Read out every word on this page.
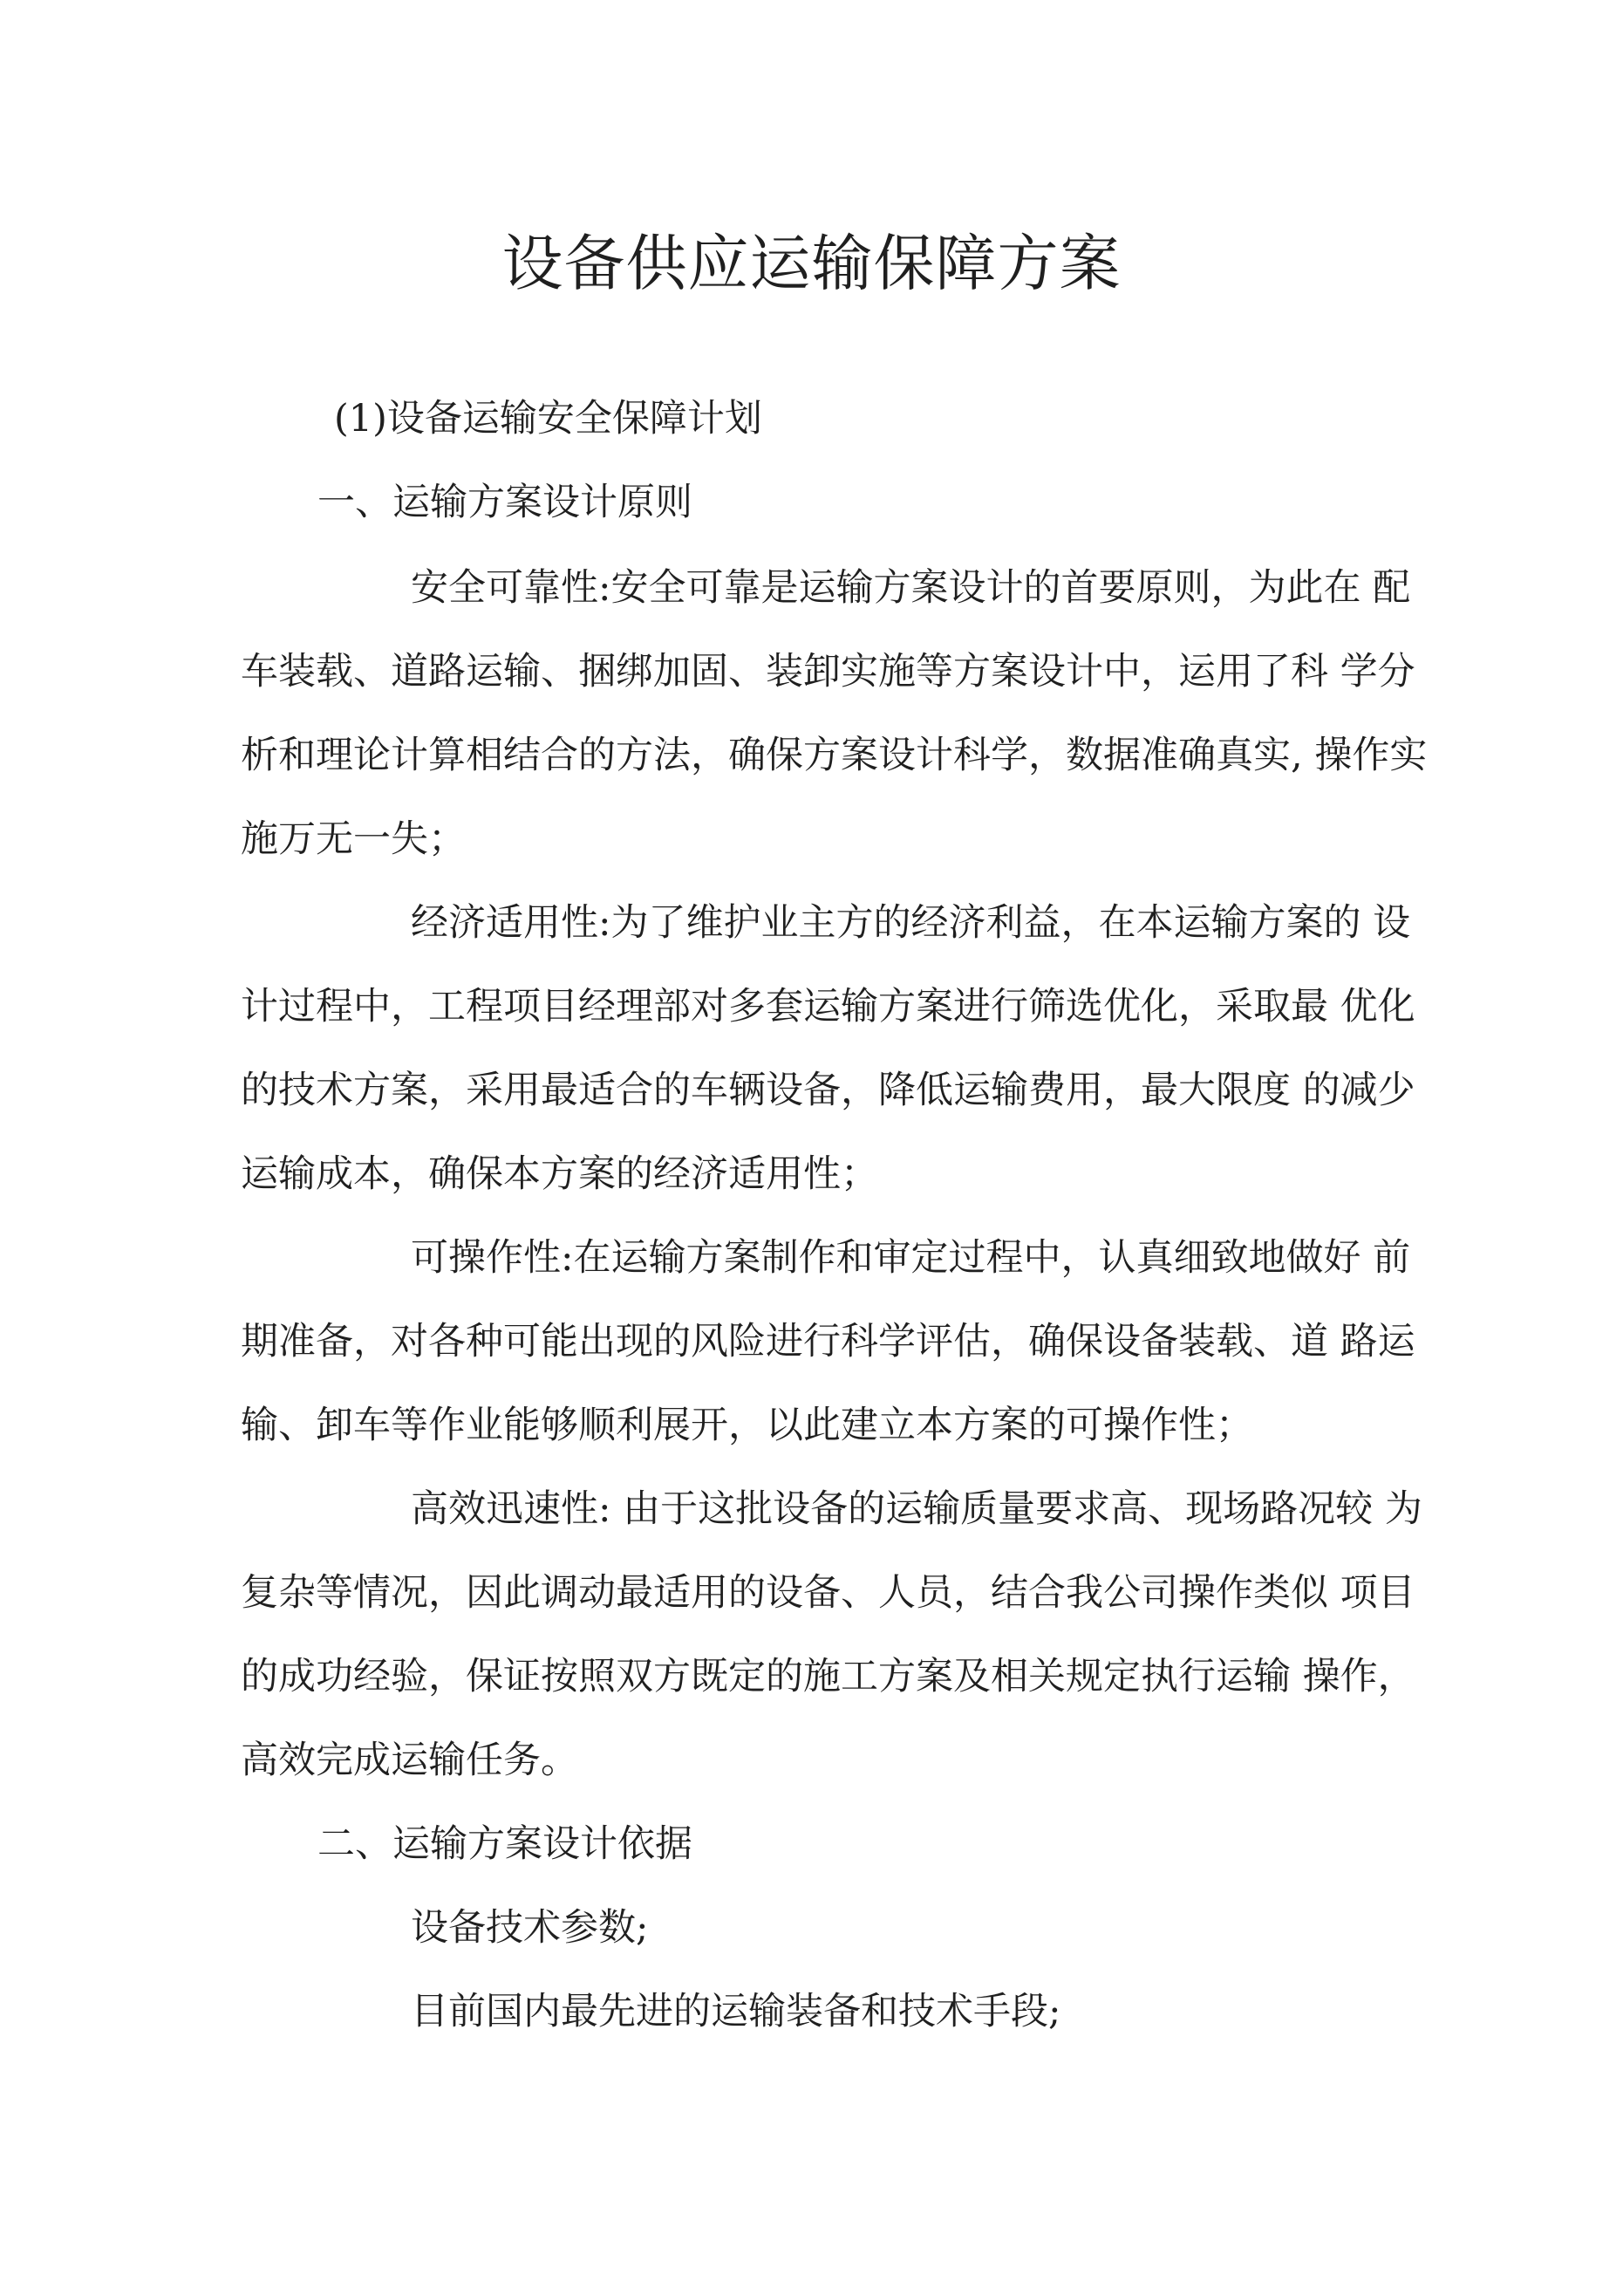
设备供应运输保障方案
(1)设备运输安全保障计划
一、运输方案设计原则
安全可靠性:安全可靠是运输方案设计的首要原则，为此在 配
车装载、道路运输、捆绑加固、装卸实施等方案设计中，运用了科 学分
析和理论计算相结合的方法，确保方案设计科学，数据准确真实, 操作实
施万无一失；
经济适用性:为了维护业主方的经济利益，在本运输方案的 设
计过程中，工程项目经理部对多套运输方案进行筛选优化，采取最 优化
的技术方案，采用最适合的车辆设备，降低运输费用，最大限度 的减少
运输成本，确保本方案的经济适用性；
可操作性:在运输方案制作和审定过程中，认真细致地做好 前
期准备，对各种可能出现的风险进行科学评估，确保设备装载、道 路运
输、卸车等作业能够顺利展开，以此建立本方案的可操作性；
高效迅速性: 由于这批设备的运输质量要求高、现场路况较 为
复杂等情况，因此调动最适用的设备、人员，结合我公司操作类似 项目
的成功经验，保证按照双方既定的施工方案及相关规定执行运输 操作，
高效完成运输任务。
二、运输方案设计依据
设备技术参数;
目前国内最先进的运输装备和技术手段;
